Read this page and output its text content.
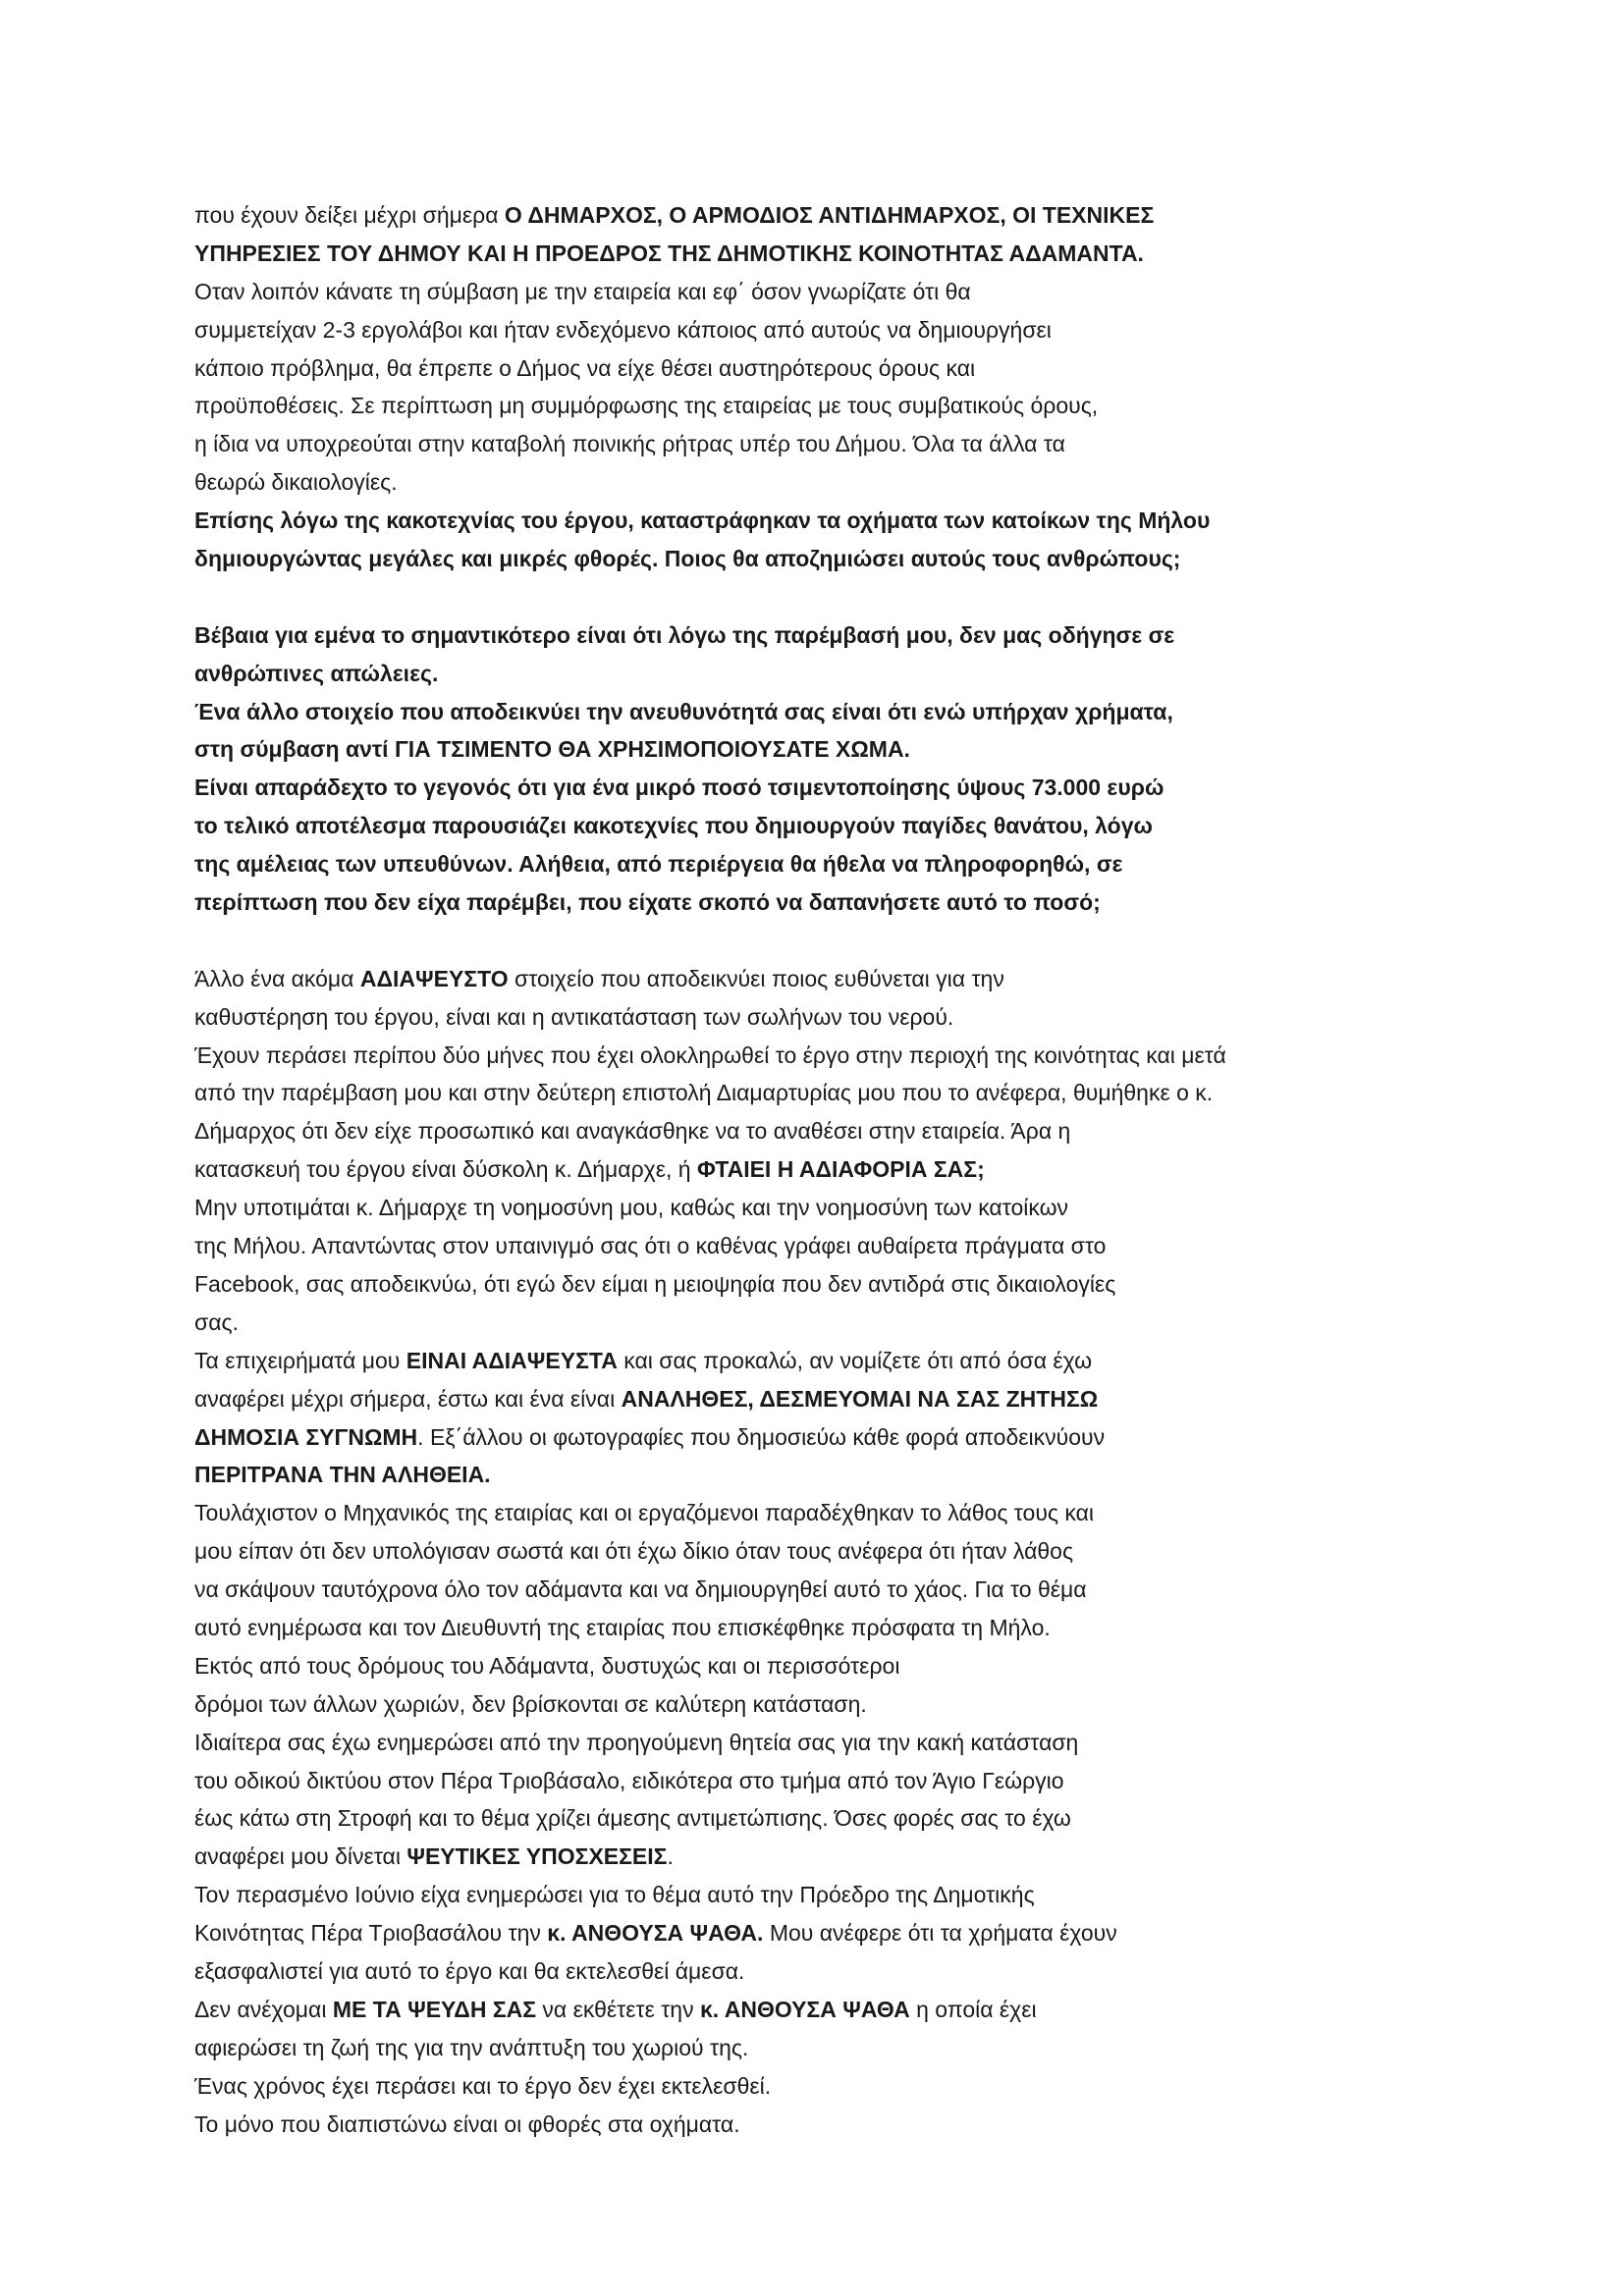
που έχουν δείξει μέχρι σήμερα Ο ΔΗΜΑΡΧΟΣ, Ο ΑΡΜΟΔΙΟΣ ΑΝΤΙΔΗΜΑΡΧΟΣ, ΟΙ ΤΕΧΝΙΚΕΣ
ΥΠΗΡΕΣΙΕΣ ΤΟΥ ΔΗΜΟΥ ΚΑΙ Η ΠΡΟΕΔΡΟΣ ΤΗΣ ΔΗΜΟΤΙΚΗΣ ΚΟΙΝΟΤΗΤΑΣ ΑΔΑΜΑΝΤΑ.
Οταν λοιπόν κάνατε τη σύμβαση με την εταιρεία και εφ΄ όσον γνωρίζατε ότι θα
συμμετείχαν 2-3 εργολάβοι και ήταν ενδεχόμενο κάποιος από αυτούς να δημιουργήσει
κάποιο πρόβλημα, θα έπρεπε ο Δήμος να είχε θέσει αυστηρότερους όρους και
προϋποθέσεις. Σε περίπτωση μη συμμόρφωσης της εταιρείας με τους συμβατικούς όρους,
η ίδια να υποχρεούται στην καταβολή ποινικής ρήτρας υπέρ του Δήμου. Όλα τα άλλα τα
θεωρώ δικαιολογίες.
Επίσης λόγω της κακοτεχνίας του έργου, καταστράφηκαν τα οχήματα των κατοίκων της Μήλου
δημιουργώντας μεγάλες και μικρές φθορές. Ποιος θα αποζημιώσει αυτούς τους ανθρώπους;
Βέβαια για εμένα το σημαντικότερο είναι ότι λόγω της παρέμβασή μου, δεν μας οδήγησε σε
ανθρώπινες απώλειες.
Ένα άλλο στοιχείο που αποδεικνύει την ανευθυνότητά σας είναι ότι ενώ υπήρχαν χρήματα,
στη σύμβαση αντί ΓΙΑ ΤΣΙΜΕΝΤΟ ΘΑ ΧΡΗΣΙΜΟΠΟΙΟΥΣΑΤΕ ΧΩΜΑ.
Είναι απαράδεχτο το γεγονός ότι για ένα μικρό ποσό τσιμεντοποίησης ύψους 73.000 ευρώ
το τελικό αποτέλεσμα παρουσιάζει κακοτεχνίες που δημιουργούν παγίδες θανάτου, λόγω
της αμέλειας των υπευθύνων. Αλήθεια, από περιέργεια θα ήθελα να πληροφορηθώ, σε
περίπτωση που δεν είχα παρέμβει, που είχατε σκοπό να δαπανήσετε αυτό το ποσό;
Άλλο ένα ακόμα ΑΔΙΑΨΕΥΣΤΟ στοιχείο που αποδεικνύει ποιος ευθύνεται για την
καθυστέρηση του έργου, είναι και η αντικατάσταση των σωλήνων του νερού.
Έχουν περάσει περίπου δύο μήνες που έχει ολοκληρωθεί το έργο στην περιοχή της κοινότητας και μετά
από την παρέμβαση μου και στην δεύτερη επιστολή Διαμαρτυρίας μου που το ανέφερα, θυμήθηκε ο κ.
Δήμαρχος ότι δεν είχε προσωπικό και αναγκάσθηκε να το αναθέσει στην εταιρεία. Άρα η
κατασκευή του έργου είναι δύσκολη κ. Δήμαρχε, ή ΦΤΑΙΕΙ Η ΑΔΙΑΦΟΡΙΑ ΣΑΣ;
Μην υποτιμάται κ. Δήμαρχε τη νοημοσύνη μου, καθώς και την νοημοσύνη των κατοίκων
της Μήλου. Απαντώντας στον υπαινιγμό σας ότι ο καθένας γράφει αυθαίρετα πράγματα στο
Facebook, σας αποδεικνύω, ότι εγώ δεν είμαι η μειοψηφία που δεν αντιδρά στις δικαιολογίες
σας.
Τα επιχειρήματά μου ΕΙΝΑΙ ΑΔΙΑΨΕΥΣΤΑ και σας προκαλώ, αν νομίζετε ότι από όσα έχω
αναφέρει μέχρι σήμερα, έστω και ένα είναι ΑΝΑΛΗΘΕΣ, ΔΕΣΜΕΥΟΜΑΙ ΝΑ ΣΑΣ ΖΗΤΗΣΩ
ΔΗΜΟΣΙΑ ΣΥΓΝΩΜΗ. Εξ΄άλλου οι φωτογραφίες που δημοσιεύω κάθε φορά αποδεικνύουν
ΠΕΡΙΤΡΑΝΑ ΤΗΝ ΑΛΗΘΕΙΑ.
Τουλάχιστον ο Μηχανικός της εταιρίας και οι εργαζόμενοι παραδέχθηκαν το λάθος τους και
μου είπαν ότι δεν υπολόγισαν σωστά και ότι έχω δίκιο όταν τους ανέφερα ότι ήταν λάθος
να σκάψουν ταυτόχρονα όλο τον αδάμαντα και να δημιουργηθεί αυτό το χάος. Για το θέμα
αυτό ενημέρωσα και τον Διευθυντή της εταιρίας που επισκέφθηκε πρόσφατα τη Μήλο.
Εκτός από τους δρόμους του Αδάμαντα, δυστυχώς και οι περισσότεροι
δρόμοι των άλλων χωριών, δεν βρίσκονται σε καλύτερη κατάσταση.
Ιδιαίτερα σας έχω ενημερώσει από την προηγούμενη θητεία σας για την κακή κατάσταση
του οδικού δικτύου στον Πέρα Τριοβάσαλο, ειδικότερα στο τμήμα από τον Άγιο Γεώργιο
έως κάτω στη Στροφή και το θέμα χρίζει άμεσης αντιμετώπισης. Όσες φορές σας το έχω
αναφέρει μου δίνεται ΨΕΥΤΙΚΕΣ ΥΠΟΣΧΕΣΕΙΣ.
Τον περασμένο Ιούνιο είχα ενημερώσει για το θέμα αυτό την Πρόεδρο της Δημοτικής
Κοινότητας Πέρα Τριοβασάλου την κ. ΑΝΘΟΥΣΑ ΨΑΘΑ. Μου ανέφερε ότι τα χρήματα έχουν
εξασφαλιστεί για αυτό το έργο και θα εκτελεσθεί άμεσα.
Δεν ανέχομαι ΜΕ ΤΑ ΨΕΥΔΗ ΣΑΣ να εκθέτετε την κ. ΑΝΘΟΥΣΑ ΨΑΘΑ η οποία έχει
αφιερώσει τη ζωή της για την ανάπτυξη του χωριού της.
Ένας χρόνος έχει περάσει και το έργο δεν έχει εκτελεσθεί.
Το μόνο που διαπιστώνω είναι οι φθορές στα οχήματα.
